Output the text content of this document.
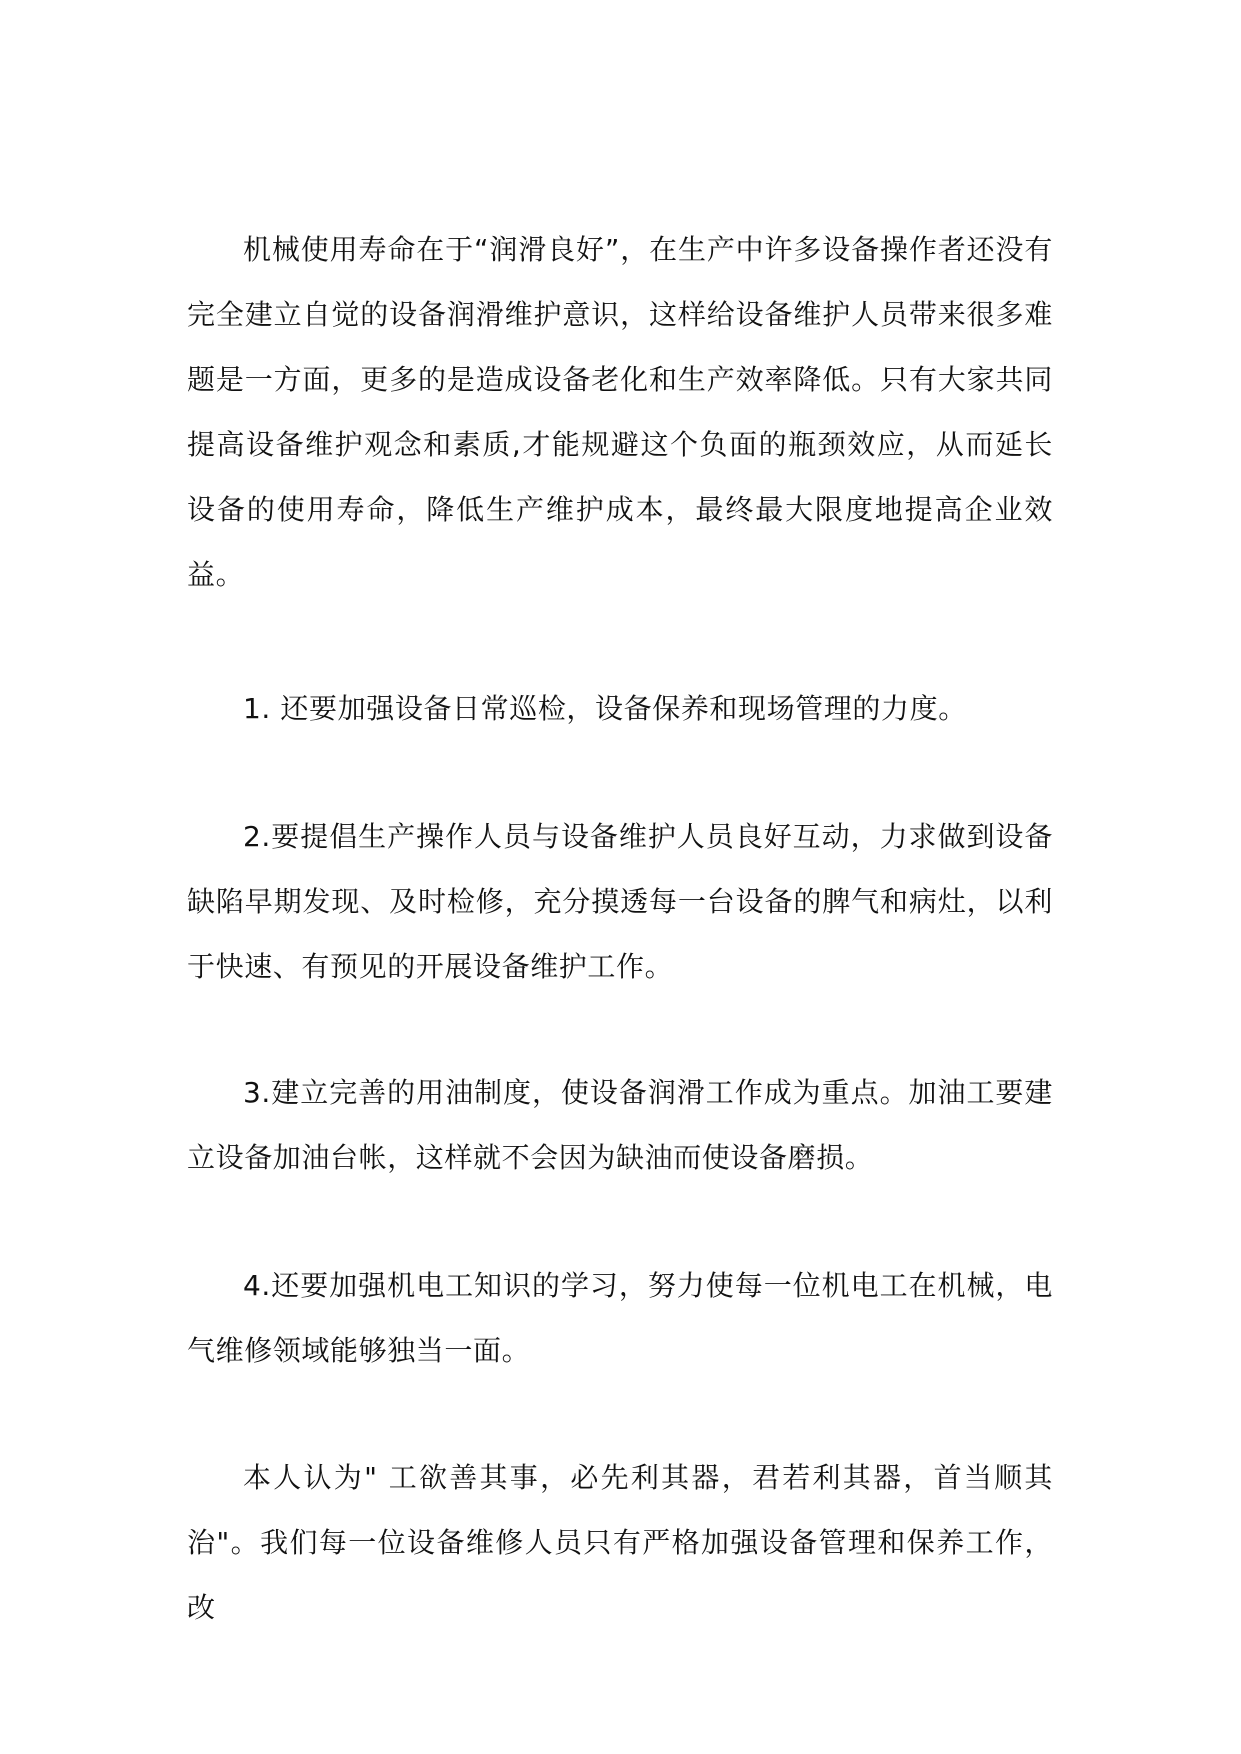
机械使用寿命在于“润滑良好”，在生产中许多设备操作者还没有完全建立自觉的设备润滑维护意识，这样给设备维护人员带来很多难题是一方面，更多的是造成设备老化和生产效率降低。只有大家共同提高设备维护观念和素质,才能规避这个负面的瓶颈效应，从而延长设备的使用寿命，降低生产维护成本，最终最大限度地提高企业效益。

1. 还要加强设备日常巡检，设备保养和现场管理的力度。

2.要提倡生产操作人员与设备维护人员良好互动，力求做到设备缺陷早期发现、及时检修，充分摸透每一台设备的脾气和病灶，以利于快速、有预见的开展设备维护工作。

3.建立完善的用油制度，使设备润滑工作成为重点。加油工要建立设备加油台帐，这样就不会因为缺油而使设备磨损。

4.还要加强机电工知识的学习，努力使每一位机电工在机械，电气维修领域能够独当一面。

本人认为" 工欲善其事，必先利其器，君若利其器，首当顺其治"。我们每一位设备维修人员只有严格加强设备管理和保养工作，改
